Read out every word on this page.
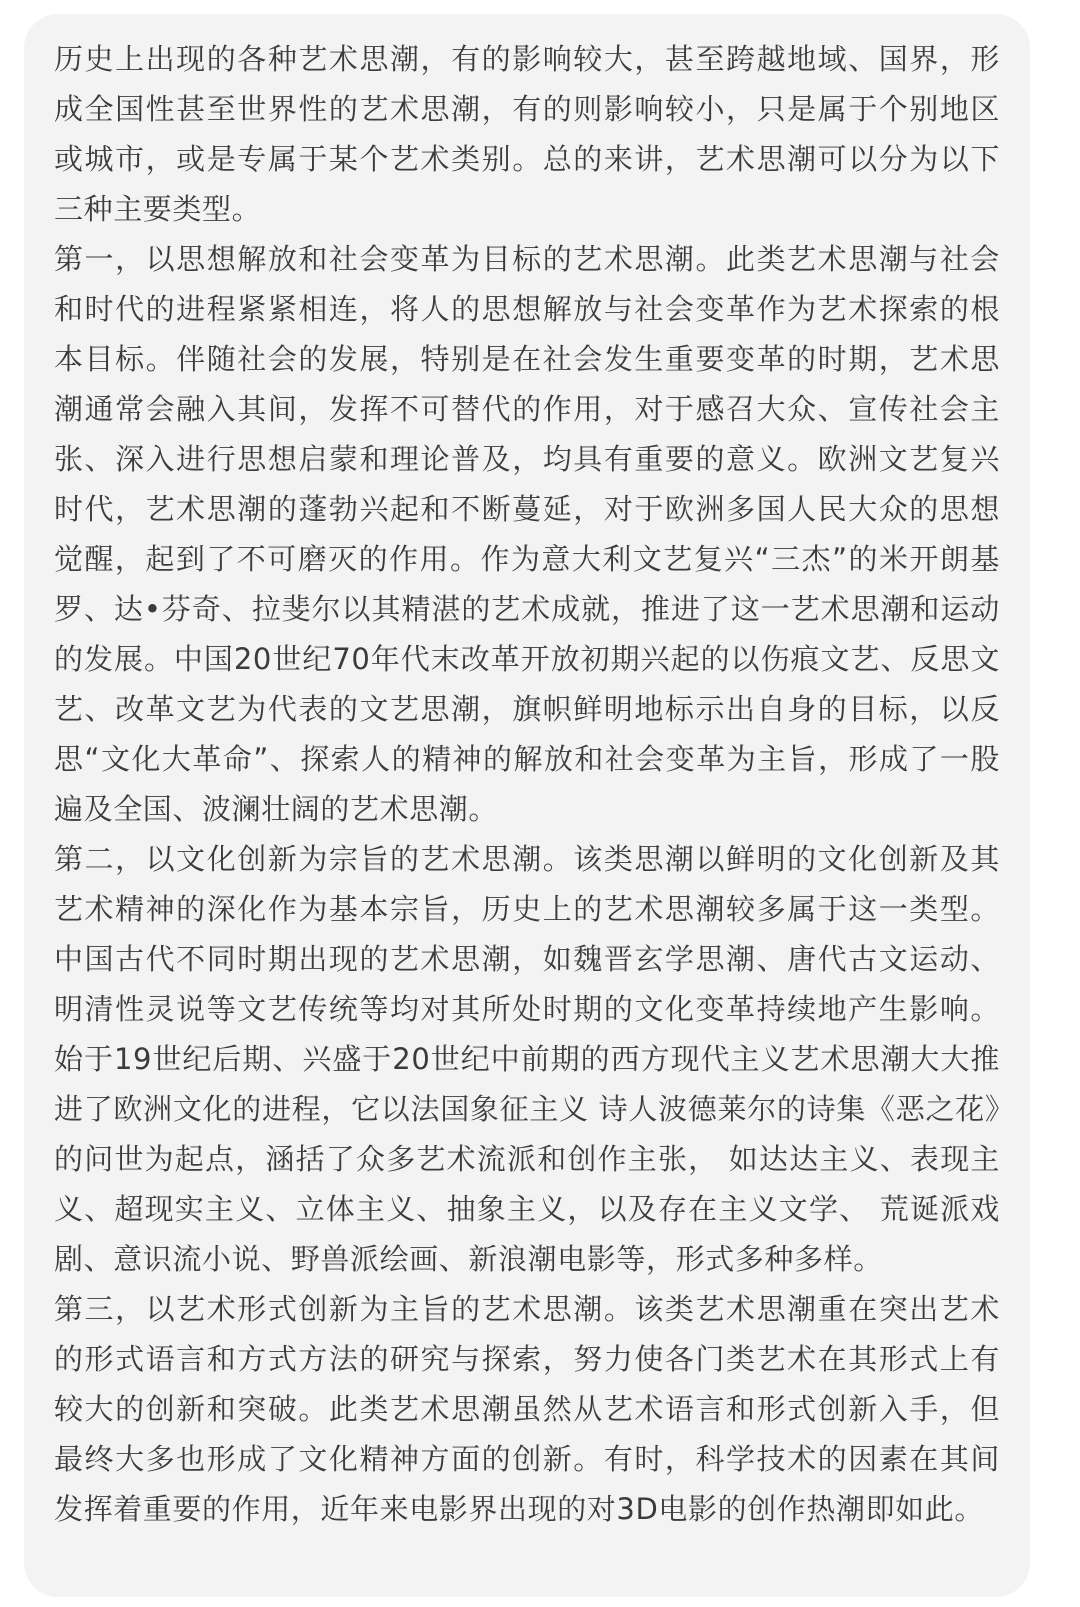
历史上出现的各种艺术思潮，有的影响较大，甚至跨越地域、国界，形成全国性甚至世界性的艺术思潮，有的则影响较小，只是属于个别地区或城市，或是专属于某个艺术类别。总的来讲，艺术思潮可以分为以下三种主要类型。

第一，以思想解放和社会变革为目标的艺术思潮。此类艺术思潮与社会和时代的进程紧紧相连，将人的思想解放与社会变革作为艺术探索的根本目标。伴随社会的发展，特别是在社会发生重要变革的时期，艺术思潮通常会融入其间，发挥不可替代的作用，对于感召大众、宣传社会主张、深入进行思想启蒙和理论普及，均具有重要的意义。欧洲文艺复兴时代，艺术思潮的蓬勃兴起和不断蔓延，对于欧洲多国人民大众的思想觉醒，起到了不可磨灭的作用。作为意大利文艺复兴“三杰”的米开朗基罗、达•芬奇、拉斐尔以其精湛的艺术成就，推进了这一艺术思潮和运动的发展。中国20世纪70年代末改革开放初期兴起的以伤痕文艺、反思文艺、改革文艺为代表的文艺思潮，旗帜鲜明地标示出自身的目标，以反思“文化大革命”、探索人的精神的解放和社会变革为主旨，形成了一股遍及全国、波澜壮阔的艺术思潮。

第二，以文化创新为宗旨的艺术思潮。该类思潮以鲜明的文化创新及其艺术精神的深化作为基本宗旨，历史上的艺术思潮较多属于这一类型。中国古代不同时期出现的艺术思潮，如魏晋玄学思潮、唐代古文运动、明清性灵说等文艺传统等均对其所处时期的文化变革持续地产生影响。始于19世纪后期、兴盛于20世纪中前期的西方现代主义艺术思潮大大推进了欧洲文化的进程，它以法国象征主义 诗人波德莱尔的诗集《恶之花》的问世为起点，涵括了众多艺术流派和创作主张， 如达达主义、表现主义、超现实主义、立体主义、抽象主义，以及存在主义文学、 荒诞派戏剧、意识流小说、野兽派绘画、新浪潮电影等，形式多种多样。

第三，以艺术形式创新为主旨的艺术思潮。该类艺术思潮重在突出艺术的形式语言和方式方法的研究与探索，努力使各门类艺术在其形式上有较大的创新和突破。此类艺术思潮虽然从艺术语言和形式创新入手，但最终大多也形成了文化精神方面的创新。有时，科学技术的因素在其间发挥着重要的作用，近年来电影界出现的对3D电影的创作热潮即如此。
